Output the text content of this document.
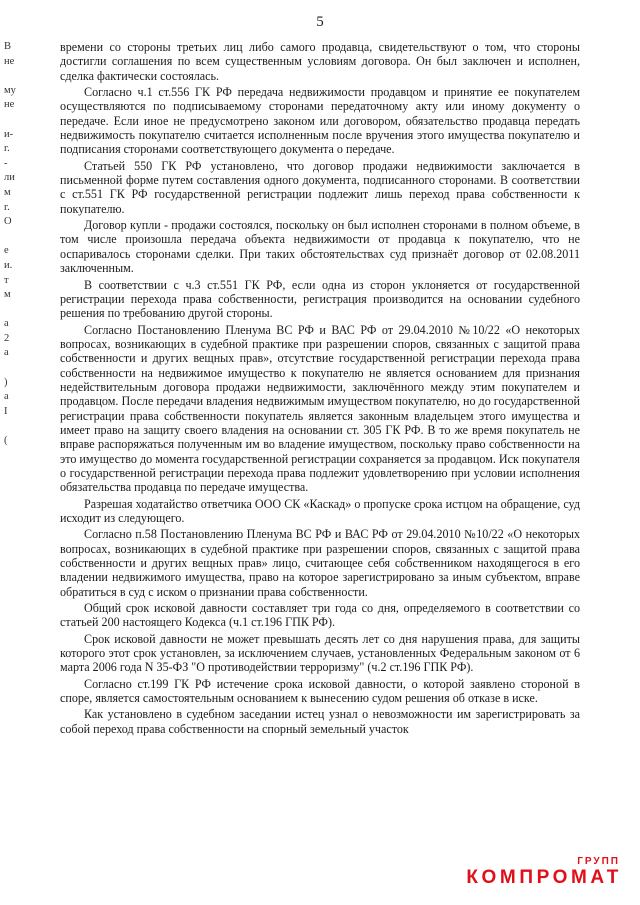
5
В
не

му
не

и-
г.
-
ли
м
г.
О

е
и.
т
м

а
2
а

)
а
I

(

времени со стороны третьих лиц либо самого продавца, свидетельствуют о том, что стороны достигли соглашения по всем существенным условиям договора. Он был заключен и исполнен, сделка фактически состоялась.

Согласно ч.1 ст.556 ГК РФ передача недвижимости продавцом и принятие ее покупателем осуществляются по подписываемому сторонами передаточному акту или иному документу о передаче. Если иное не предусмотрено законом или договором, обязательство продавца передать недвижимость покупателю считается исполненным после вручения этого имущества покупателю и подписания сторонами соответствующего документа о передаче.

Статьей 550 ГК РФ установлено, что договор продажи недвижимости заключается в письменной форме путем составления одного документа, подписанного сторонами. В соответствии с ст.551 ГК РФ государственной регистрации подлежит лишь переход права собственности к покупателю.

Договор купли - продажи состоялся, поскольку он был исполнен сторонами в полном объеме, в том числе произошла передача объекта недвижимости от продавца к покупателю, что не оспаривалось сторонами сделки. При таких обстоятельствах суд признаёт договор от 02.08.2011 заключенным.

В соответствии с ч.3 ст.551 ГК РФ, если одна из сторон уклоняется от государственной регистрации перехода права собственности, регистрация производится на основании судебного решения по требованию другой стороны.

Согласно Постановлению Пленума ВС РФ и ВАС РФ от 29.04.2010 №10/22 «О некоторых вопросах, возникающих в судебной практике при разрешении споров, связанных с защитой права собственности и других вещных прав», отсутствие государственной регистрации перехода права собственности на недвижимое имущество к покупателю не является основанием для признания недействительным договора продажи недвижимости, заключённого между этим покупателем и продавцом. После передачи владения недвижимым имуществом покупателю, но до государственной регистрации права собственности покупатель является законным владельцем этого имущества и имеет право на защиту своего владения на основании ст. 305 ГК РФ. В то же время покупатель не вправе распоряжаться полученным им во владение имуществом, поскольку право собственности на это имущество до момента государственной регистрации сохраняется за продавцом. Иск покупателя о государственной регистрации перехода права подлежит удовлетворению при условии исполнения обязательства продавца по передаче имущества.

Разрешая ходатайство ответчика ООО СК «Каскад» о пропуске срока истцом на обращение, суд исходит из следующего.

Согласно п.58 Постановлению Пленума ВС РФ и ВАС РФ от 29.04.2010 №10/22 «О некоторых вопросах, возникающих в судебной практике при разрешении споров, связанных с защитой права собственности и других вещных прав» лицо, считающее себя собственником находящегося в его владении недвижимого имущества, право на которое зарегистрировано за иным субъектом, вправе обратиться в суд с иском о признании права собственности.

Общий срок исковой давности составляет три года со дня, определяемого в соответствии со статьей 200 настоящего Кодекса (ч.1 ст.196 ГПК РФ).

Срок исковой давности не может превышать десять лет со дня нарушения права, для защиты которого этот срок установлен, за исключением случаев, установленных Федеральным законом от 6 марта 2006 года N 35-ФЗ "О противодействии терроризму" (ч.2 ст.196 ГПК РФ).

Согласно ст.199 ГК РФ истечение срока исковой давности, о которой заявлено стороной в споре, является самостоятельным основанием к вынесению судом решения об отказе в иске.

Как установлено в судебном заседании истец узнал о невозможности им зарегистрировать за собой переход права собственности на спорный земельный участок

ГРУПП
КОМПРОМАТ
